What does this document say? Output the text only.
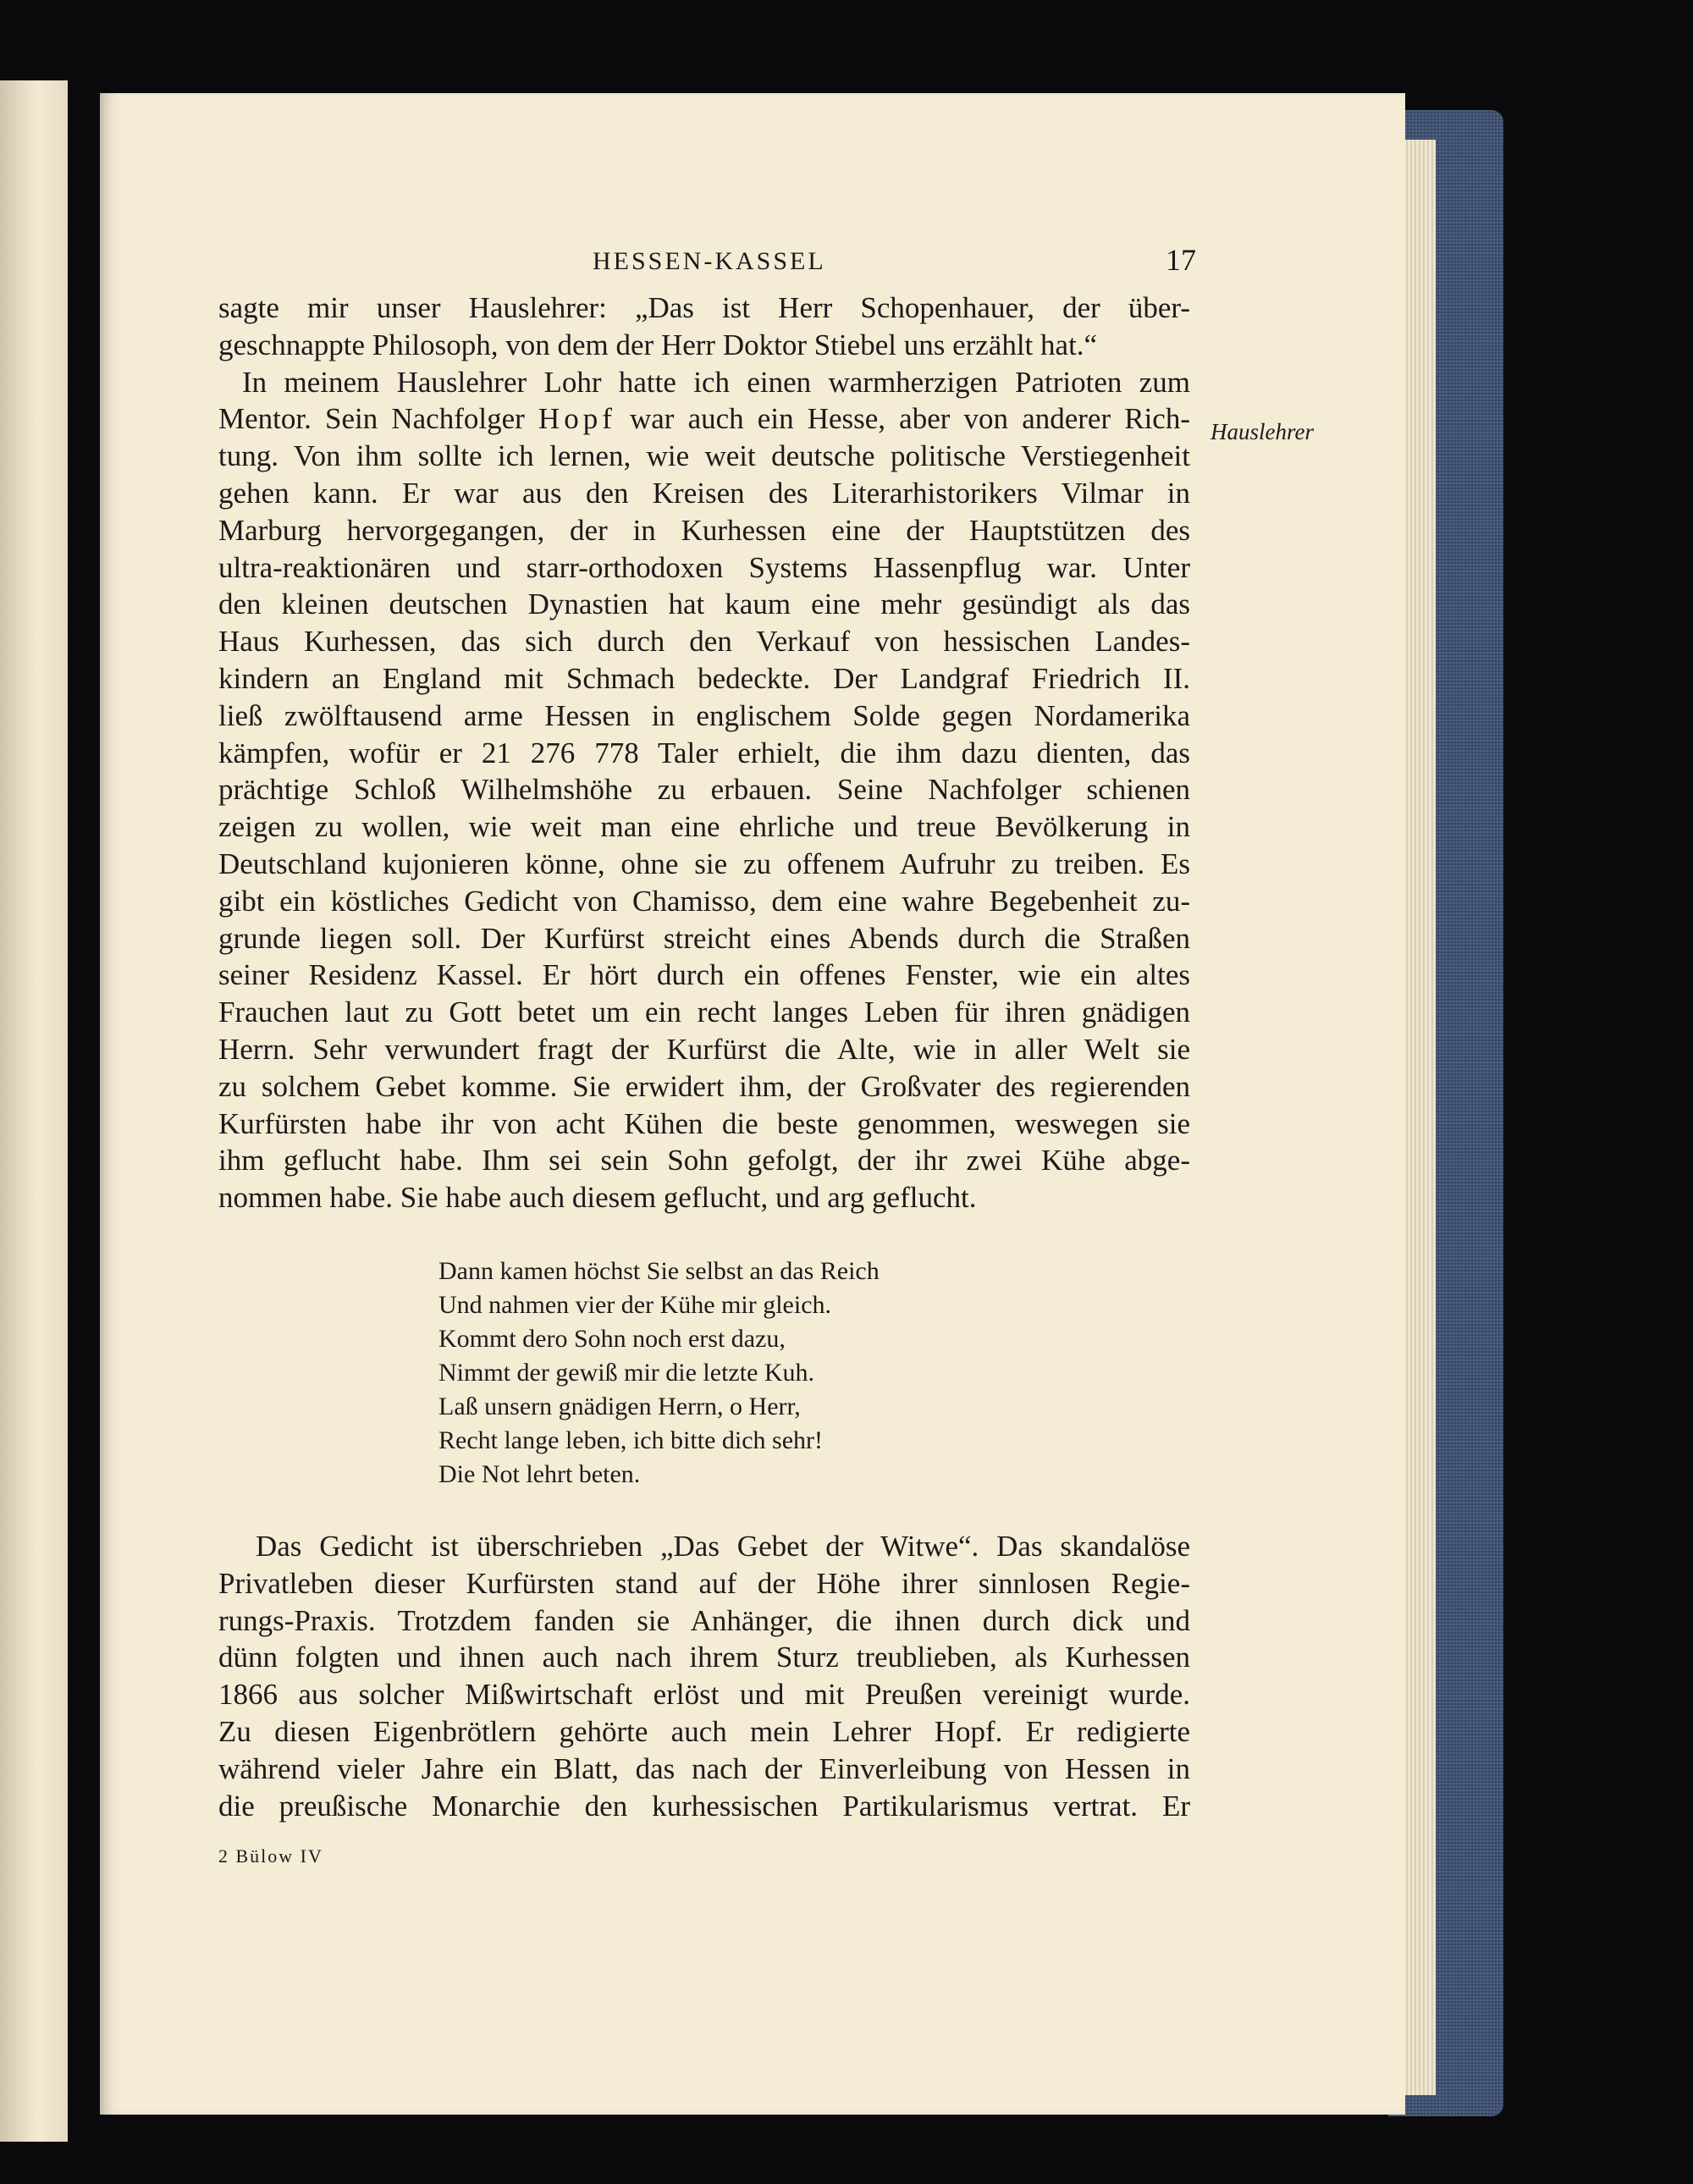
HESSEN-KASSEL	17

sagte mir unser Hauslehrer: „Das ist Herr Schopenhauer, der über-

geschnappte Philosoph, von dem der Herr Doktor Stiebel uns erzählt hat.“

In meinem Hauslehrer Lohr hatte ich einen warmherzigen Patrioten zum

Mentor. Sein Nachfolger Hopf war auch ein Hesse, aber von anderer Rich-

tung. Von ihm sollte ich lernen, wie weit deutsche politische Verstiegenheit

gehen kann. Er war aus den Kreisen des Literarhistorikers Vilmar in

Marburg hervorgegangen, der in Kurhessen eine der Hauptstützen des

ultra-reaktionären und starr-orthodoxen Systems Hassenpflug war. Unter

den kleinen deutschen Dynastien hat kaum eine mehr gesündigt als das

Haus Kurhessen, das sich durch den Verkauf von hessischen Landes-

kindern an England mit Schmach bedeckte. Der Landgraf Friedrich II.

ließ zwölftausend arme Hessen in englischem Solde gegen Nordamerika

kämpfen, wofür er 21 276 778 Taler erhielt, die ihm dazu dienten, das

prächtige Schloß Wilhelmshöhe zu erbauen. Seine Nachfolger schienen

zeigen zu wollen, wie weit man eine ehrliche und treue Bevölkerung in

Deutschland kujonieren könne, ohne sie zu offenem Aufruhr zu treiben. Es

gibt ein köstliches Gedicht von Chamisso, dem eine wahre Begebenheit zu-

grunde liegen soll. Der Kurfürst streicht eines Abends durch die Straßen

seiner Residenz Kassel. Er hört durch ein offenes Fenster, wie ein altes

Frauchen laut zu Gott betet um ein recht langes Leben für ihren gnädigen

Herrn. Sehr verwundert fragt der Kurfürst die Alte, wie in aller Welt sie

zu solchem Gebet komme. Sie erwidert ihm, der Großvater des regierenden

Kurfürsten habe ihr von acht Kühen die beste genommen, weswegen sie

ihm geflucht habe. Ihm sei sein Sohn gefolgt, der ihr zwei Kühe abge-

nommen habe. Sie habe auch diesem geflucht, und arg geflucht.

Hauslehrer
Dann kamen höchst Sie selbst an das Reich
Und nahmen vier der Kühe mir gleich.
Kommt dero Sohn noch erst dazu,
Nimmt der gewiß mir die letzte Kuh.
Laß unsern gnädigen Herrn, o Herr,
Recht lange leben, ich bitte dich sehr!
Die Not lehrt beten.

Das Gedicht ist überschrieben „Das Gebet der Witwe“. Das skandalöse

Privatleben dieser Kurfürsten stand auf der Höhe ihrer sinnlosen Regie-

rungs-Praxis. Trotzdem fanden sie Anhänger, die ihnen durch dick und

dünn folgten und ihnen auch nach ihrem Sturz treublieben, als Kurhessen

1866 aus solcher Mißwirtschaft erlöst und mit Preußen vereinigt wurde.

Zu diesen Eigenbrötlern gehörte auch mein Lehrer Hopf. Er redigierte

während vieler Jahre ein Blatt, das nach der Einverleibung von Hessen in

die preußische Monarchie den kurhessischen Partikularismus vertrat. Er

2 Bülow IV
